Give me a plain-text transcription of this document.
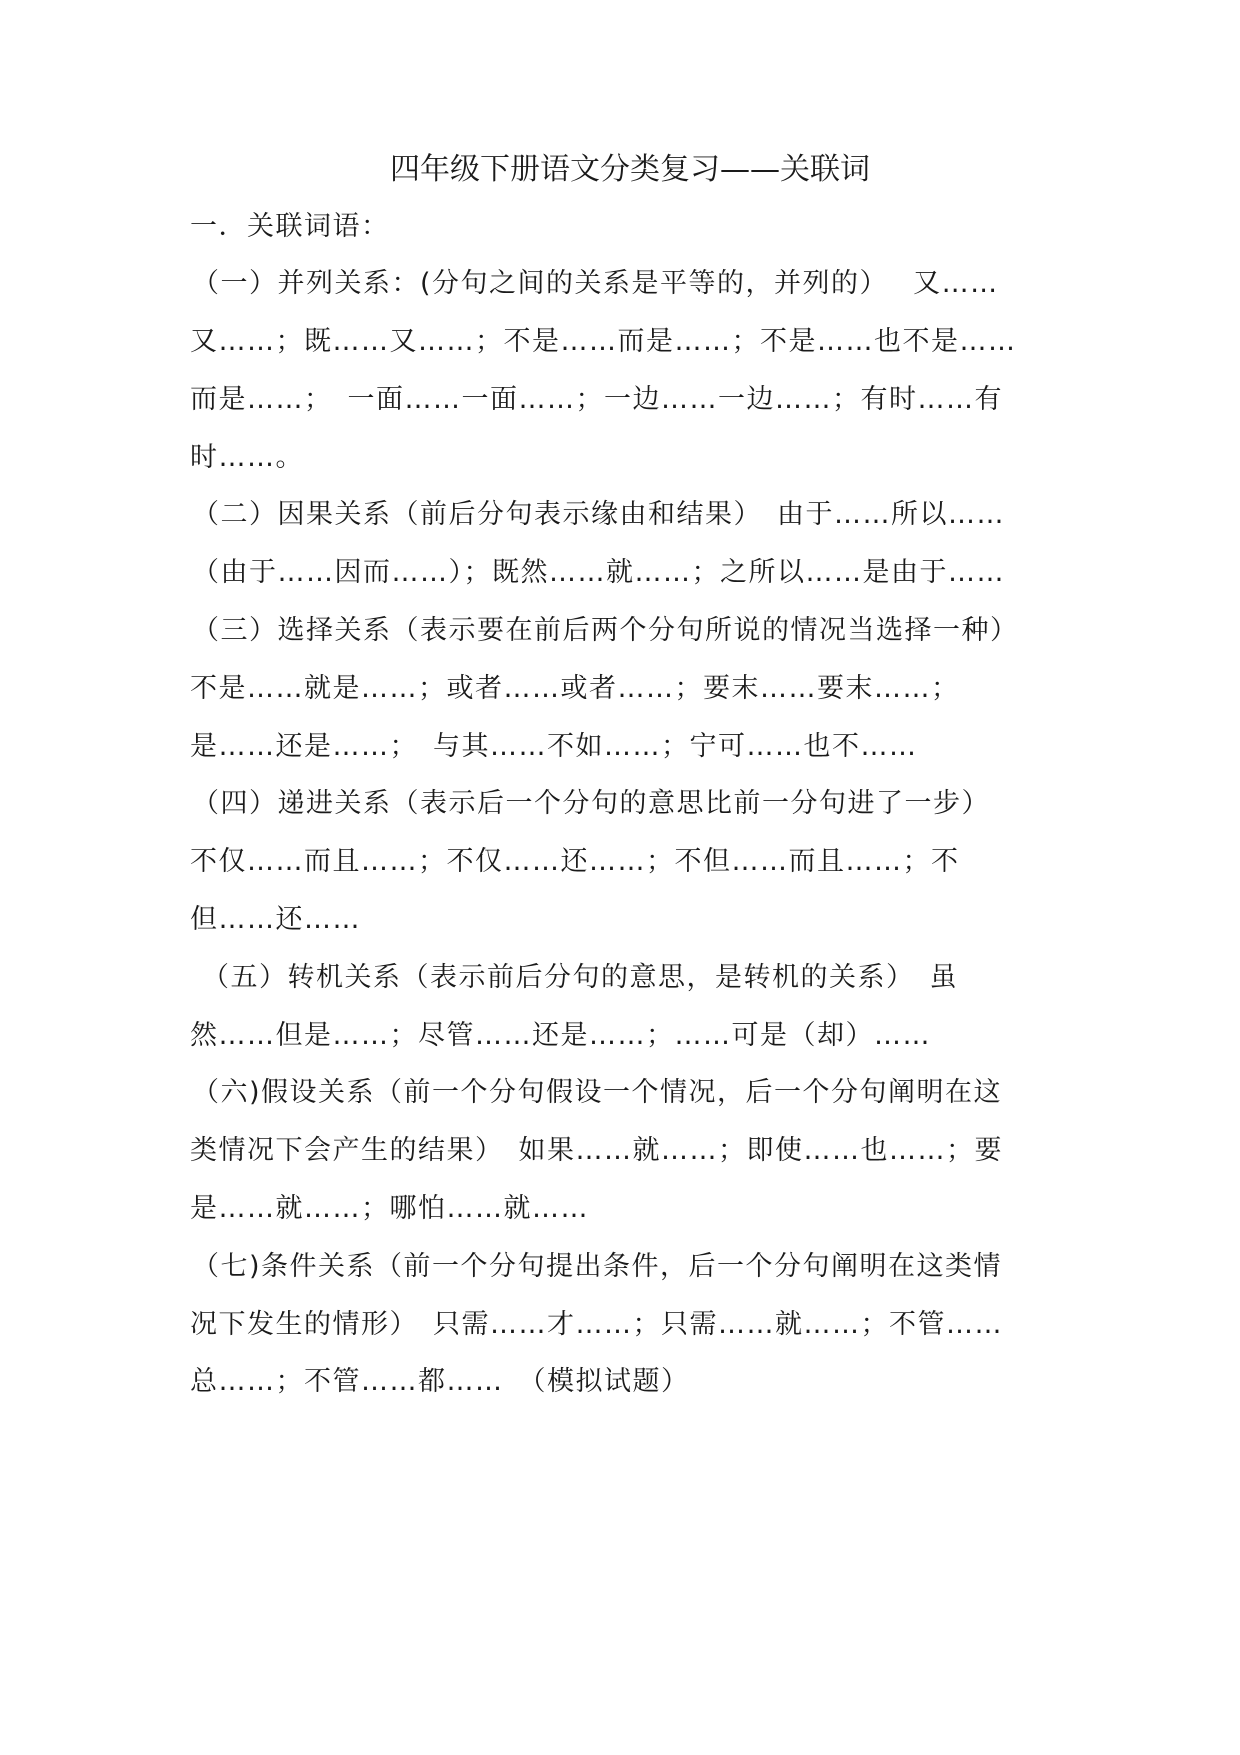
四年级下册语文分类复习——关联词
一．关联词语：
（一）并列关系：(分句之间的关系是平等的，并列的）　 又……
又……；既……又……；不是……而是……；不是……也不是……
而是……；　一面……一面……；一边……一边……；有时……有
时……。
（二）因果关系（前后分句表示缘由和结果）　由于……所以……
（由于……因而……）；既然……就……；之所以……是由于……
（三）选择关系（表示要在前后两个分句所说的情况当选择一种）
不是……就是……；或者……或者……；要末……要末……；
是……还是……；　与其……不如……；宁可……也不……
（四）递进关系（表示后一个分句的意思比前一分句进了一步）
不仅……而且……；不仅……还……；不但……而且……；不
但……还……
（五）转机关系（表示前后分句的意思，是转机的关系）　虽
然……但是……；尽管……还是……；……可是（却）……
（六)假设关系（前一个分句假设一个情况，后一个分句阐明在这
类情况下会产生的结果）　如果……就……；即使……也……；要
是……就……；哪怕……就……
（七)条件关系（前一个分句提出条件，后一个分句阐明在这类情
况下发生的情形）　只需……才……；只需……就……；不管……
总……；不管……都……　（模拟试题）
